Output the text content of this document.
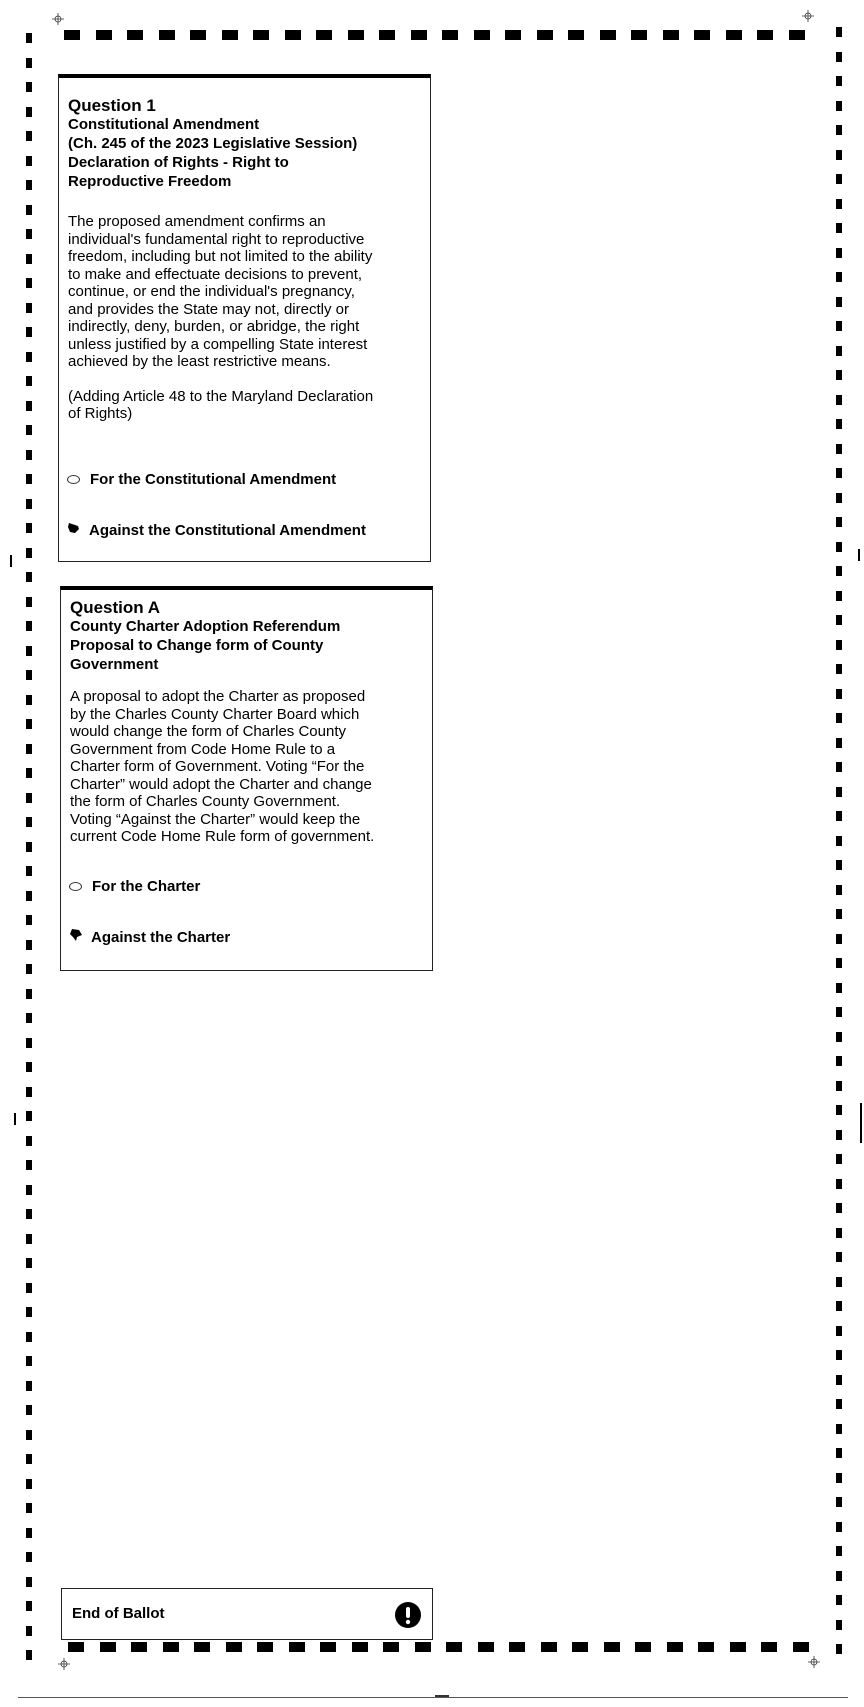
Question 1
Constitutional Amendment
(Ch. 245 of the 2023 Legislative Session)
Declaration of Rights - Right to
Reproductive Freedom
The proposed amendment confirms an
individual's fundamental right to reproductive
freedom, including but not limited to the ability
to make and effectuate decisions to prevent,
continue, or end the individual's pregnancy,
and provides the State may not, directly or
indirectly, deny, burden, or abridge, the right
unless justified by a compelling State interest
achieved by the least restrictive means.
(Adding Article 48 to the Maryland Declaration
of Rights)
For the Constitutional Amendment
Against the Constitutional Amendment
Question A
County Charter Adoption Referendum
Proposal to Change form of County
Government
A proposal to adopt the Charter as proposed
by the Charles County Charter Board which
would change the form of Charles County
Government from Code Home Rule to a
Charter form of Government. Voting “For the
Charter” would adopt the Charter and change
the form of Charles County Government.
Voting “Against the Charter” would keep the
current Code Home Rule form of government.
For the Charter
Against the Charter
End of Ballot
